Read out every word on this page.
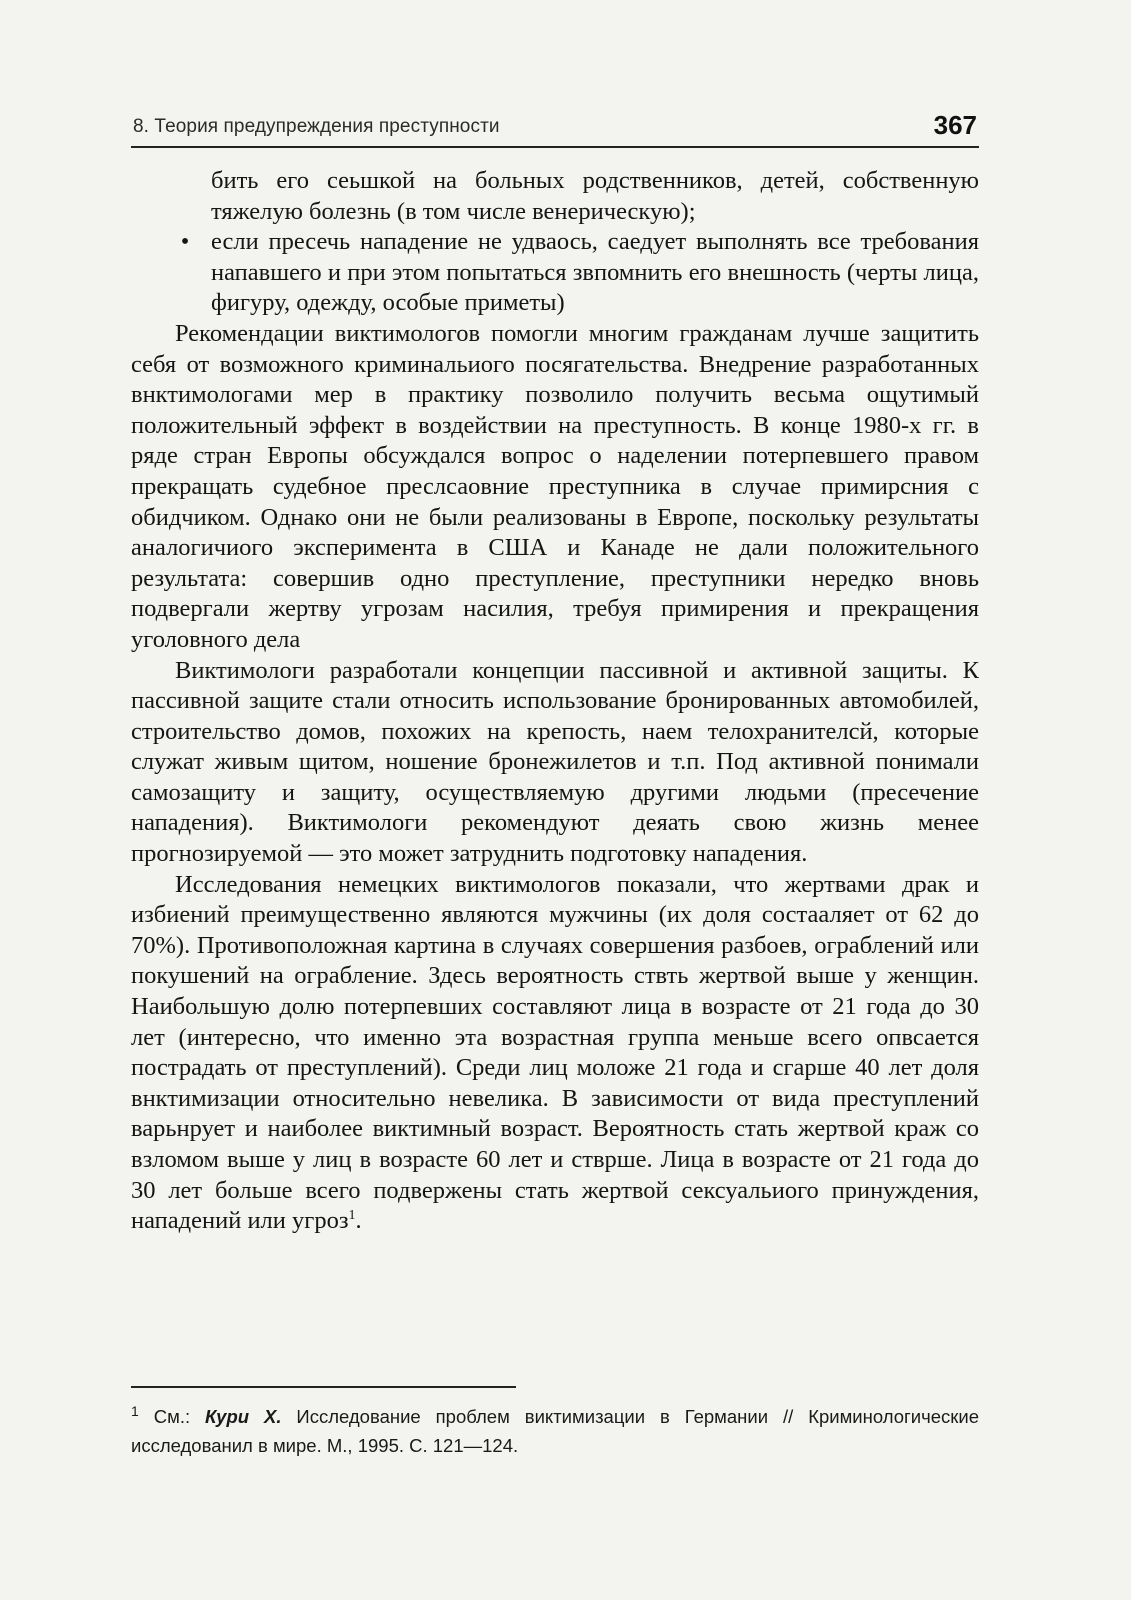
8. Теория предупреждения преступности	367
бить его сеьшкой на больных родственников, детей, собственную тяжелую болезнь (в том числе венерическую);
• если пресечь нападение не удваось, саедует выполнять все требования напавшего и при этом попытаться звпомнить его внешность (черты лица, фигуру, одежду, особые приметы)

Рекомендации виктимологов помогли многим гражданам лучше защитить себя от возможного криминальиого посягательства. Внедрение разработанных внктимологами мер в практику позволило получить весьма ощутимый положительный эффект в воздействии на преступность. В конце 1980-х гг. в ряде стран Европы обсуждался вопрос о наделении потерпевшего правом прекращать судебное преслсаовние преступника в случае примирсния с обидчиком. Однако они не были реализованы в Европе, поскольку результаты аналогичиого эксперимента в США и Канаде не дали положительного результата: совершив одно преступление, преступники нередко вновь подвергали жертву угрозам насилия, требуя примирения и прекращения уголовного дела

Виктимологи разработали концепции пассивной и активной защиты. К пассивной защите стали относить использование бронированных автомобилей, строительство домов, похожих на крепость, наем телохранителсй, которые служат живым щитом, ношение бронежилетов и т.п. Под активной понимали самозащиту и защиту, осуществляемую другими людьми (пресечение нападения). Виктимологи рекомендуют деяать свою жизнь менее прогнозируемой — это может затруднить подготовку нападения.

Исследования немецких виктимологов показали, что жертвами драк и избиений преимущественно являются мужчины (их доля состааляет от 62 до 70%). Противоположная картина в случаях совершения разбоев, ограблений или покушений на ограбление. Здесь вероятность ствть жертвой выше у женщин. Наибольшую долю потерпевших составляют лица в возрасте от 21 года до 30 лет (интересно, что именно эта возрастная группа меньше всего опвсается пострадать от преступлений). Среди лиц моложе 21 года и сгарше 40 лет доля внктимизации относительно невелика. В зависимости от вида преступлений варьнрует и наиболее виктимный возраст. Вероятность стать жертвой краж со взломом выше у лиц в возрасте 60 лет и стврше. Лица в возрасте от 21 года до 30 лет больше всего подвержены стать жертвой сексуальиого принуждения, нападений или угроз$^1$.

$^1$ См.: Кури Х. Исследование проблем виктимизации в Германии // Криминологические исследованил в мире. М., 1995. С. 121—124.
